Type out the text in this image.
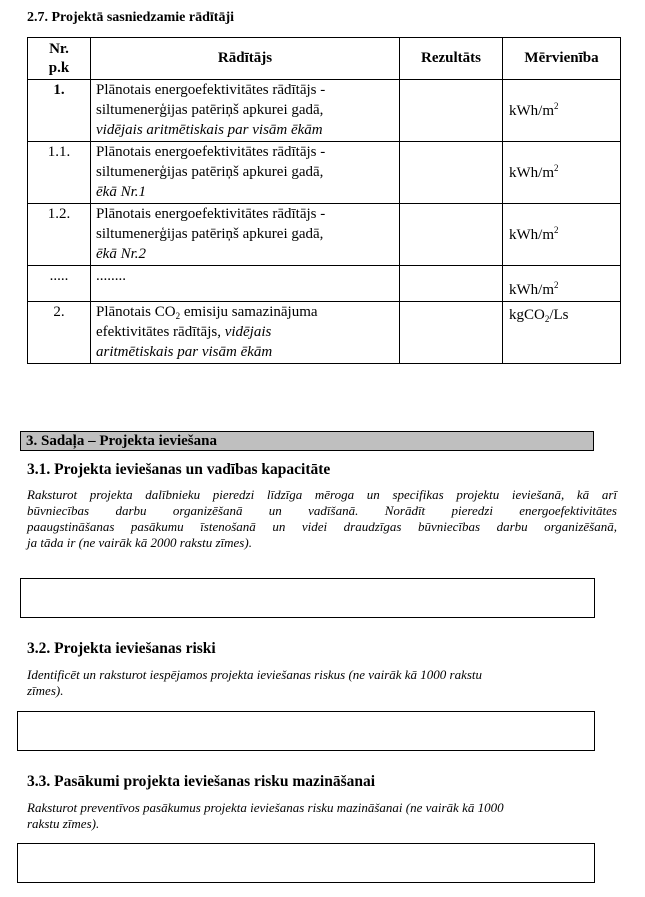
2.7. Projektā sasniedzamie rādītāji
Nr. p.k	Rādītājs	Rezultāts	Mērvienība
1.	Plānotais energoefektivitātes rādītājs -
siltumenerģijas patēriņš apkurei gadā,
vidējais aritmētiskais par visām ēkām		kWh/$m^2$
1.1.	Plānotais energoefektivitātes rādītājs -
siltumenerģijas patēriņš apkurei gadā,
ēkā Nr.1		kWh/$m^2$
1.2.	Plānotais energoefektivitātes rādītājs -
siltumenerģijas patēriņš apkurei gadā,
ēkā Nr.2		kWh/$m^2$
.....	........		kWh/$m^2$
2.	Plānotais $CO_2$ emisiju samazinājuma
efektivitātes rādītājs, vidējais
aritmētiskais par visām ēkām		kgCO$_2$/Ls
3. Sadaļa – Projekta ieviešana
3.1. Projekta ieviešanas un vadības kapacitāte
Raksturot projekta dalībnieku pieredzi līdzīga mēroga un specifikas projektu ieviešanā, kā arī
būvniecības darbu organizēšanā un vadīšanā. Norādīt pieredzi energoefektivitātes
paaugstināšanas pasākumu īstenošanā un videi draudzīgas būvniecības darbu organizēšanā,
ja tāda ir (ne vairāk kā 2000 rakstu zīmes).
3.2. Projekta ieviešanas riski
Identificēt un raksturot iespējamos projekta ieviešanas riskus (ne vairāk kā 1000 rakstu
zīmes).
3.3. Pasākumi projekta ieviešanas risku mazināšanai
Raksturot preventīvos pasākumus projekta ieviešanas risku mazināšanai (ne vairāk kā 1000
rakstu zīmes).
